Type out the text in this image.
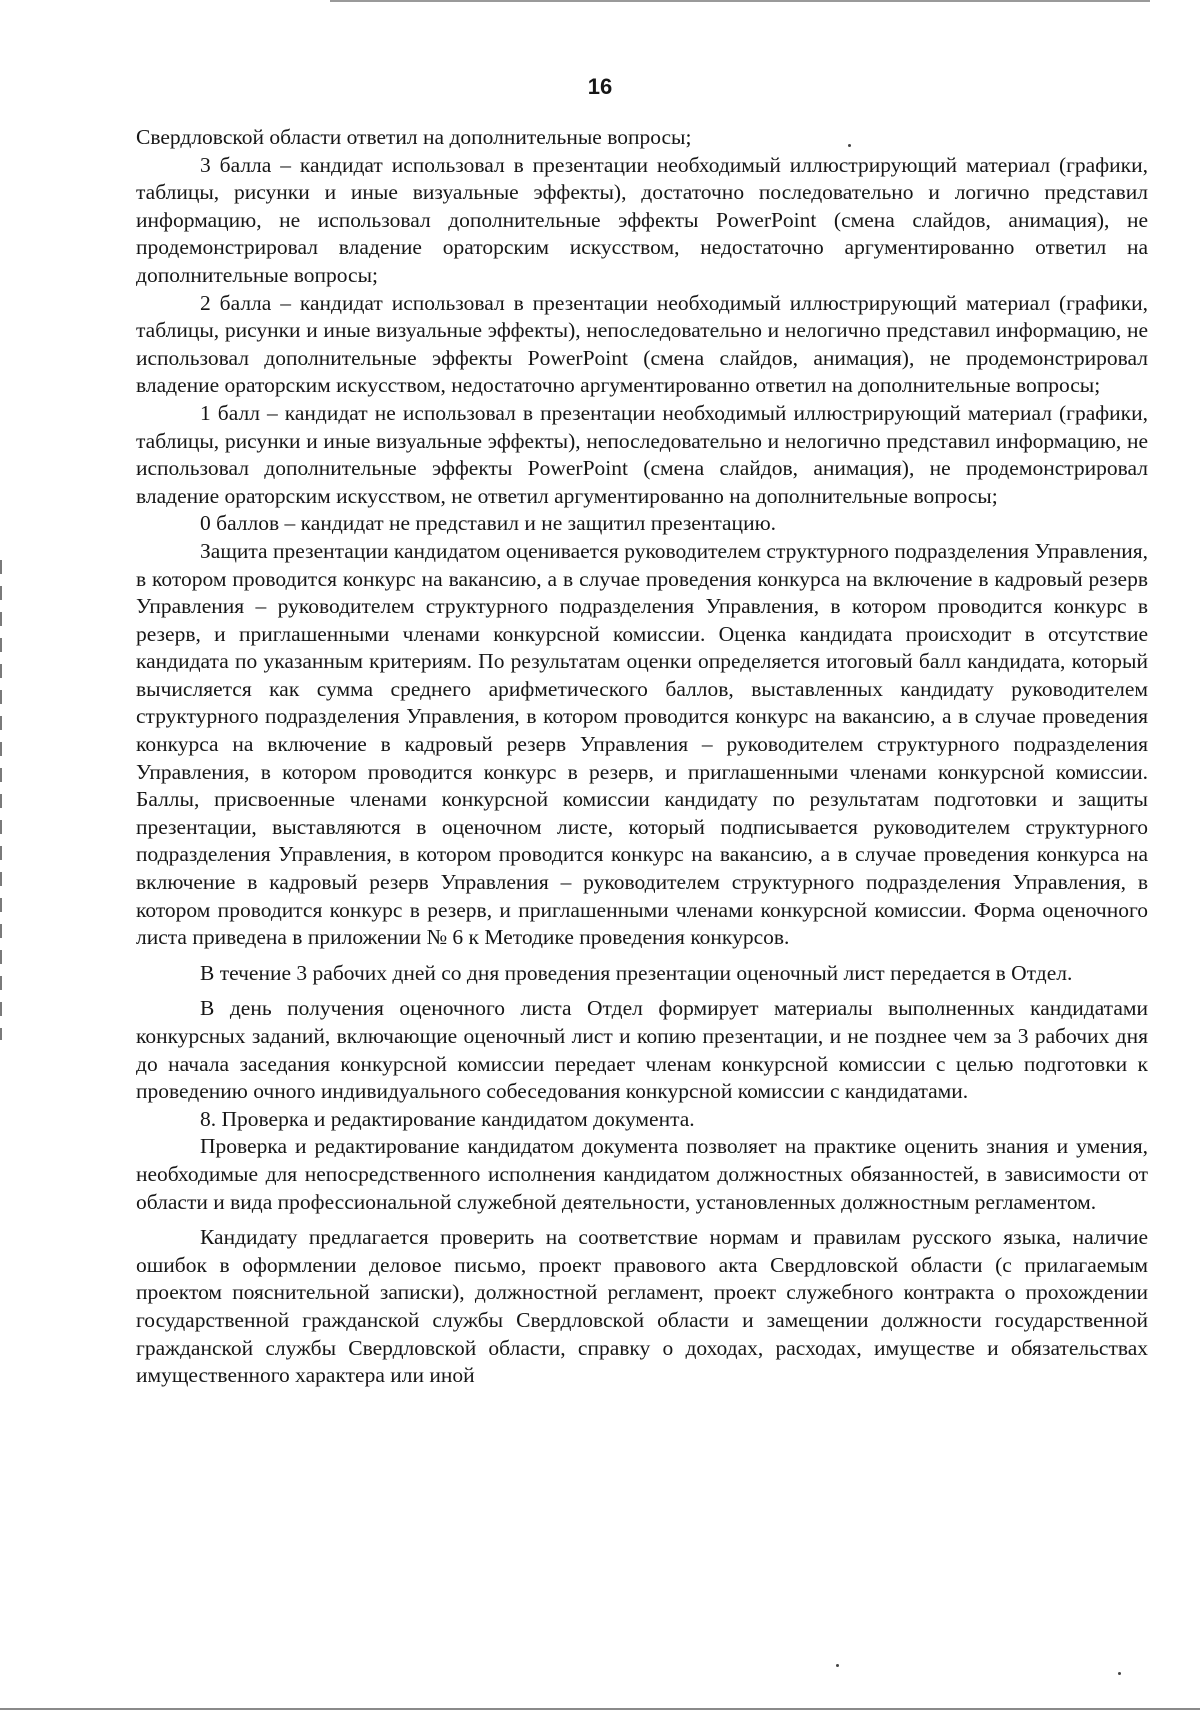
16

Свердловской области ответил на дополнительные вопросы;

3 балла – кандидат использовал в презентации необходимый иллюстрирующий материал (графики, таблицы, рисунки и иные визуальные эффекты), достаточно последовательно и логично представил информацию, не использовал дополнительные эффекты PowerPoint (смена слайдов, анимация), не продемонстрировал владение ораторским искусством, недостаточно аргументированно ответил на дополнительные вопросы;

2 балла – кандидат использовал в презентации необходимый иллюстрирующий материал (графики, таблицы, рисунки и иные визуальные эффекты), непоследовательно и нелогично представил информацию, не использовал дополнительные эффекты PowerPoint (смена слайдов, анимация), не продемонстрировал владение ораторским искусством, недостаточно аргументированно ответил на дополнительные вопросы;

1 балл – кандидат не использовал в презентации необходимый иллюстрирующий материал (графики, таблицы, рисунки и иные визуальные эффекты), непоследовательно и нелогично представил информацию, не использовал дополнительные эффекты PowerPoint (смена слайдов, анимация), не продемонстрировал владение ораторским искусством, не ответил аргументированно на дополнительные вопросы;

0 баллов – кандидат не представил и не защитил презентацию.

Защита презентации кандидатом оценивается руководителем структурного подразделения Управления, в котором проводится конкурс на вакансию, а в случае проведения конкурса на включение в кадровый резерв Управления – руководителем структурного подразделения Управления, в котором проводится конкурс в резерв, и приглашенными членами конкурсной комиссии. Оценка кандидата происходит в отсутствие кандидата по указанным критериям. По результатам оценки определяется итоговый балл кандидата, который вычисляется как сумма среднего арифметического баллов, выставленных кандидату руководителем структурного подразделения Управления, в котором проводится конкурс на вакансию, а в случае проведения конкурса на включение в кадровый резерв Управления – руководителем структурного подразделения Управления, в котором проводится конкурс в резерв, и приглашенными членами конкурсной комиссии. Баллы, присвоенные членами конкурсной комиссии кандидату по результатам подготовки и защиты презентации, выставляются в оценочном листе, который подписывается руководителем структурного подразделения Управления, в котором проводится конкурс на вакансию, а в случае проведения конкурса на включение в кадровый резерв Управления – руководителем структурного подразделения Управления, в котором проводится конкурс в резерв, и приглашенными членами конкурсной комиссии. Форма оценочного листа приведена в приложении № 6 к Методике проведения конкурсов.

В течение 3 рабочих дней со дня проведения презентации оценочный лист передается в Отдел.

В день получения оценочного листа Отдел формирует материалы выполненных кандидатами конкурсных заданий, включающие оценочный лист и копию презентации, и не позднее чем за 3 рабочих дня до начала заседания конкурсной комиссии передает членам конкурсной комиссии с целью подготовки к проведению очного индивидуального собеседования конкурсной комиссии с кандидатами.

8. Проверка и редактирование кандидатом документа.

Проверка и редактирование кандидатом документа позволяет на практике оценить знания и умения, необходимые для непосредственного исполнения кандидатом должностных обязанностей, в зависимости от области и вида профессиональной служебной деятельности, установленных должностным регламентом.

Кандидату предлагается проверить на соответствие нормам и правилам русского языка, наличие ошибок в оформлении деловое письмо, проект правового акта Свердловской области (с прилагаемым проектом пояснительной записки), должностной регламент, проект служебного контракта о прохождении государственной гражданской службы Свердловской области и замещении должности государственной гражданской службы Свердловской области, справку о доходах, расходах, имуществе и обязательствах имущественного характера или иной
